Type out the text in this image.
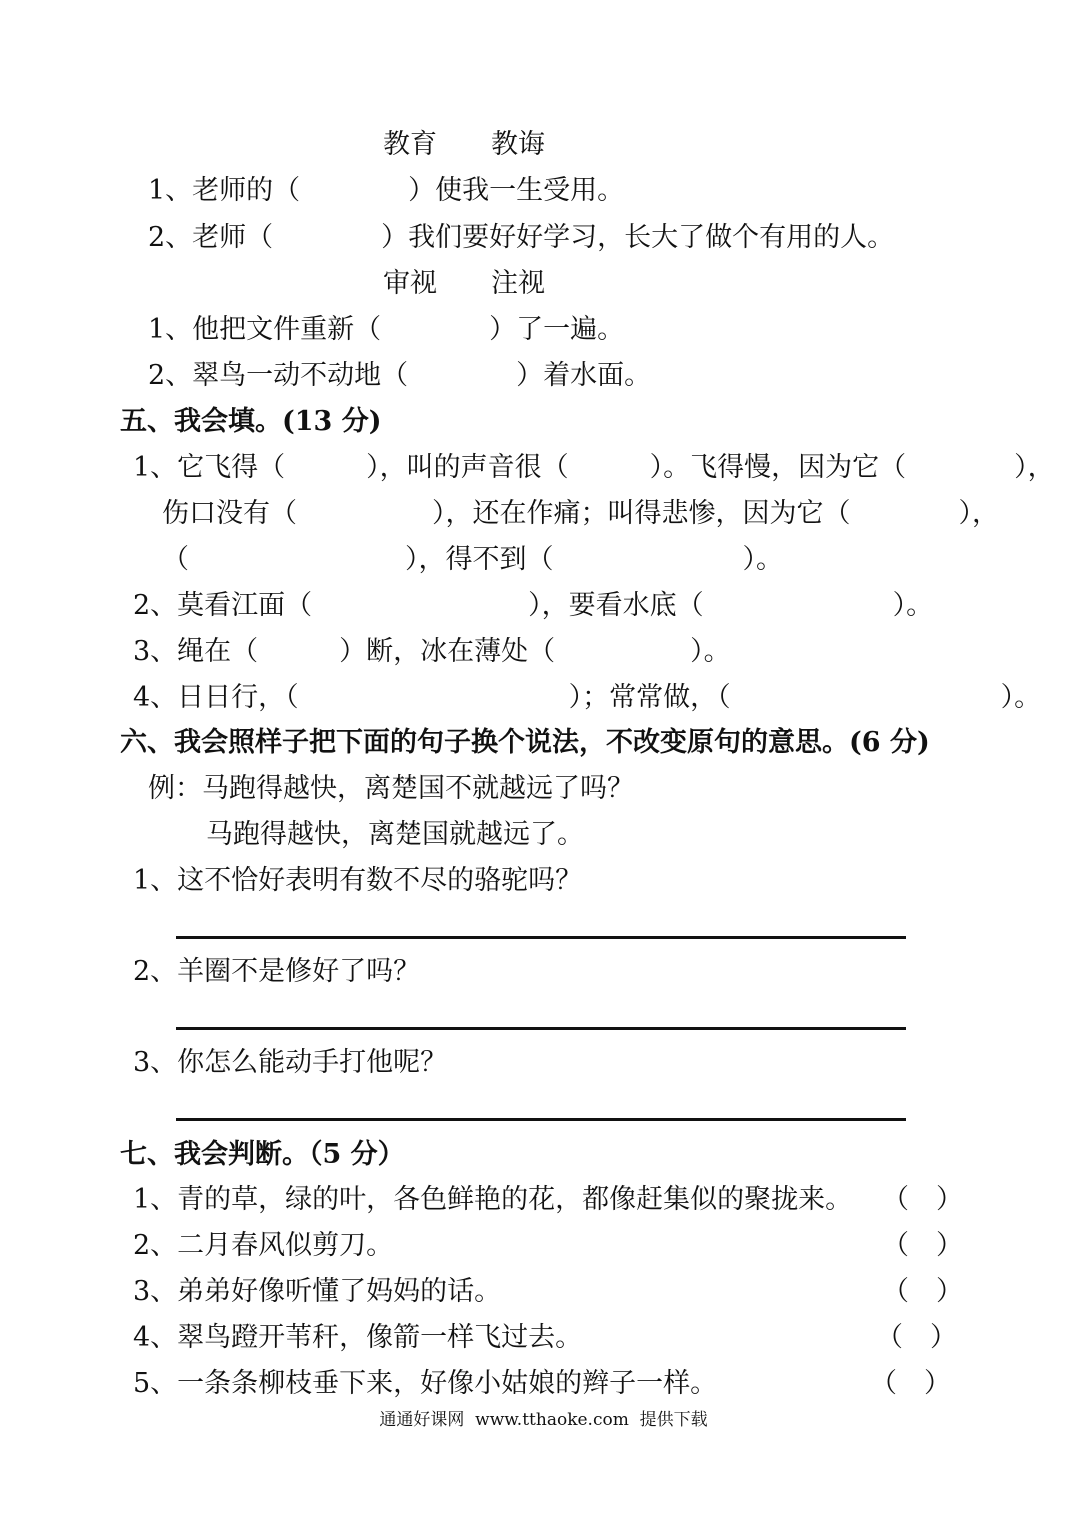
教育　　教诲
1、老师的（　　　　）使我一生受用。
2、老师（　　　　）我们要好好学习，长大了做个有用的人。
审视　　注视
1、他把文件重新（　　　　）了一遍。
2、翠鸟一动不动地（　　　　）着水面。
五、我会填。(13 分)
1、它飞得（　　　），叫的声音很（　　　）。飞得慢，因为它（　　　　），
伤口没有（　　　　　），还在作痛；叫得悲惨，因为它（　　　　），
（　　　　　　　　），得不到（　　　　　　　）。
2、莫看江面（　　　　　　　　），要看水底（　　　　　　　）。
3、绳在（　　　）断，冰在薄处（　　　　　）。
4、日日行，（　　　　　　　　　　）；常常做，（　　　　　　　　　　）。
六、我会照样子把下面的句子换个说法，不改变原句的意思。(6 分)
例：马跑得越快，离楚国不就越远了吗？
马跑得越快，离楚国就越远了。
1、这不恰好表明有数不尽的骆驼吗？
2、羊圈不是修好了吗？
3、你怎么能动手打他呢？
七、我会判断。（5 分）
1、青的草，绿的叶，各色鲜艳的花，都像赶集似的聚拢来。 （　）
2、二月春风似剪刀。	（　）
3、弟弟好像听懂了妈妈的话。	（　）
4、翠鸟蹬开苇秆，像箭一样飞过去。	（　）
5、一条条柳枝垂下来，好像小姑娘的辫子一样。	（　）
通通好课网  www.tthaoke.com  提供下载
